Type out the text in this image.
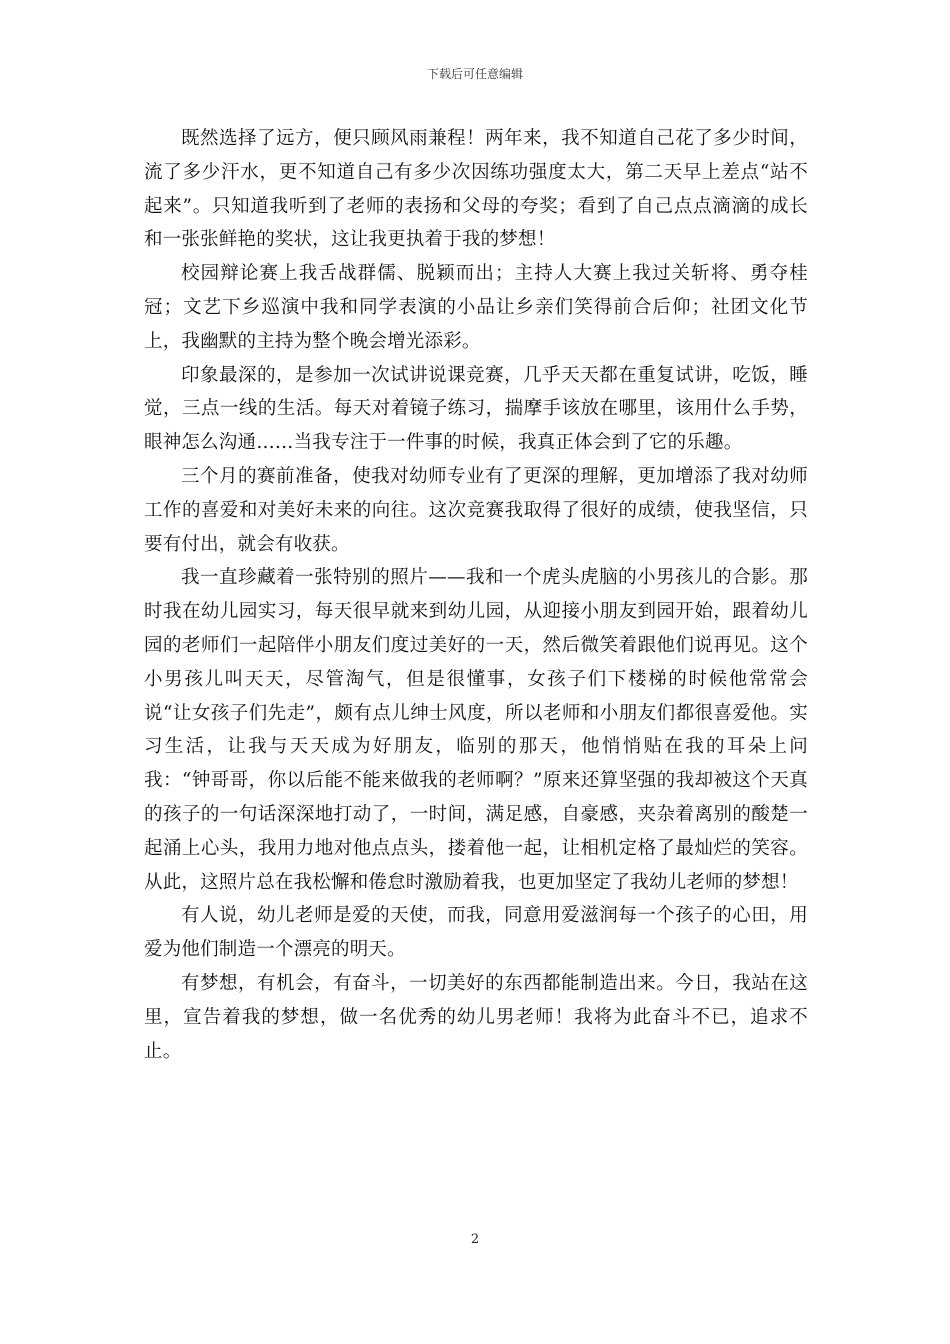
下载后可任意编辑

既然选择了远方，便只顾风雨兼程！两年来，我不知道自己花了多少时间，流了多少汗水，更不知道自己有多少次因练功强度太大，第二天早上差点“站不起来”。只知道我听到了老师的表扬和父母的夸奖；看到了自己点点滴滴的成长和一张张鲜艳的奖状，这让我更执着于我的梦想！

校园辩论赛上我舌战群儒、脱颖而出；主持人大赛上我过关斩将、勇夺桂冠；文艺下乡巡演中我和同学表演的小品让乡亲们笑得前合后仰；社团文化节上，我幽默的主持为整个晚会增光添彩。

印象最深的，是参加一次试讲说课竞赛，几乎天天都在重复试讲，吃饭，睡觉，三点一线的生活。每天对着镜子练习，揣摩手该放在哪里，该用什么手势，眼神怎么沟通……当我专注于一件事的时候，我真正体会到了它的乐趣。

三个月的赛前准备，使我对幼师专业有了更深的理解，更加增添了我对幼师工作的喜爱和对美好未来的向往。这次竞赛我取得了很好的成绩，使我坚信，只要有付出，就会有收获。

我一直珍藏着一张特别的照片——我和一个虎头虎脑的小男孩儿的合影。那时我在幼儿园实习，每天很早就来到幼儿园，从迎接小朋友到园开始，跟着幼儿园的老师们一起陪伴小朋友们度过美好的一天，然后微笑着跟他们说再见。这个小男孩儿叫天天，尽管淘气，但是很懂事，女孩子们下楼梯的时候他常常会说“让女孩子们先走”，颇有点儿绅士风度，所以老师和小朋友们都很喜爱他。实习生活，让我与天天成为好朋友，临别的那天，他悄悄贴在我的耳朵上问我：“钟哥哥，你以后能不能来做我的老师啊？”原来还算坚强的我却被这个天真的孩子的一句话深深地打动了，一时间，满足感，自豪感，夹杂着离别的酸楚一起涌上心头，我用力地对他点点头，搂着他一起，让相机定格了最灿烂的笑容。从此，这照片总在我松懈和倦怠时激励着我，也更加坚定了我幼儿老师的梦想！

有人说，幼儿老师是爱的天使，而我，同意用爱滋润每一个孩子的心田，用爱为他们制造一个漂亮的明天。

有梦想，有机会，有奋斗，一切美好的东西都能制造出来。今日，我站在这里，宣告着我的梦想，做一名优秀的幼儿男老师！我将为此奋斗不已，追求不止。

2
